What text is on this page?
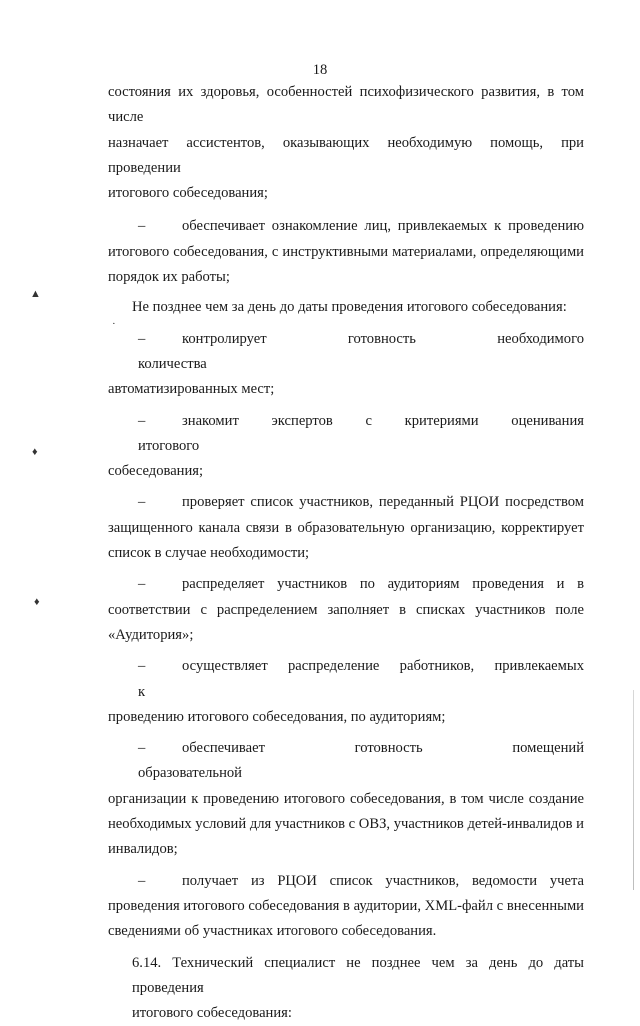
18
▲
·
♦
♦

состояния их здоровья, особенностей психофизического развития, в том числе
назначает ассистентов, оказывающих необходимую помощь, при проведении
итогового собеседования;

–	обеспечивает ознакомление лиц, привлекаемых к проведению
итогового собеседования, с инструктивными материалами, определяющими
порядок их работы;

Не позднее чем за день до даты проведения итогового собеседования:

–	контролирует готовность необходимого количества
автоматизированных мест;

–	знакомит экспертов с критериями оценивания итогового
собеседования;

–	проверяет список участников, переданный РЦОИ посредством
защищенного канала связи в образовательную организацию, корректирует
список в случае необходимости;

–	распределяет участников по аудиториям проведения и в
соответствии с распределением заполняет в списках участников поле
«Аудитория»;

–	осуществляет распределение работников, привлекаемых к
проведению итогового собеседования, по аудиториям;

–	обеспечивает готовность помещений образовательной
организации к проведению итогового собеседования, в том числе создание
необходимых условий для участников с ОВЗ, участников детей-инвалидов и
инвалидов;

–	получает из РЦОИ список участников, ведомости учета
проведения итогового собеседования в аудитории, XML-файл с внесенными
сведениями об участниках итогового собеседования.

6.14. Технический специалист не позднее чем за день до даты проведения
итогового собеседования:
